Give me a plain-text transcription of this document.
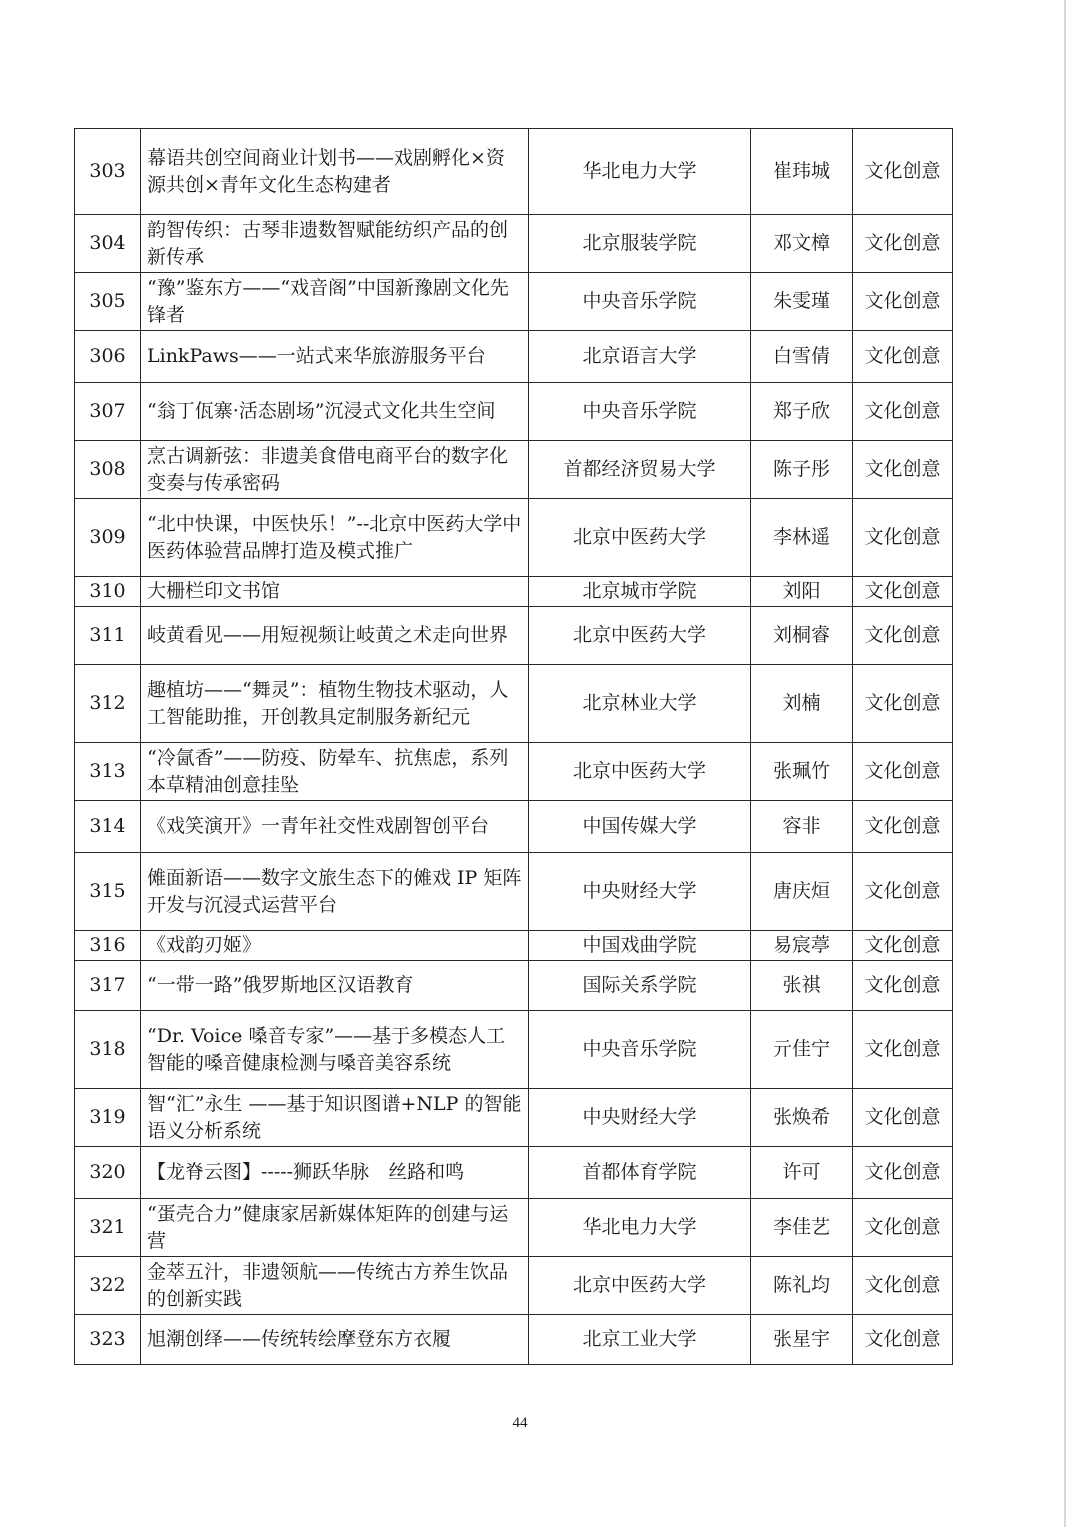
303	幕语共创空间商业计划书——戏剧孵化×资源共创×青年文化生态构建者	华北电力大学	崔玮城	文化创意
304	韵智传织：古琴非遗数智赋能纺织产品的创新传承	北京服装学院	邓文樟	文化创意
305	“豫”鉴东方——“戏音阁”中国新豫剧文化先锋者	中央音乐学院	朱雯瑾	文化创意
306	LinkPaws——一站式来华旅游服务平台	北京语言大学	白雪倩	文化创意
307	“翁丁佤寨·活态剧场”沉浸式文化共生空间	中央音乐学院	郑子欣	文化创意
308	烹古调新弦：非遗美食借电商平台的数字化变奏与传承密码	首都经济贸易大学	陈子彤	文化创意
309	“北中快课，中医快乐！”--北京中医药大学中医药体验营品牌打造及模式推广	北京中医药大学	李林遥	文化创意
310	大栅栏印文书馆	北京城市学院	刘阳	文化创意
311	岐黄看见——用短视频让岐黄之术走向世界	北京中医药大学	刘桐睿	文化创意
312	趣植坊——“舞灵”：植物生物技术驱动，人工智能助推，开创教具定制服务新纪元	北京林业大学	刘楠	文化创意
313	“冷氤香”——防疫、防晕车、抗焦虑，系列本草精油创意挂坠	北京中医药大学	张珮竹	文化创意
314	《戏笑演开》一青年社交性戏剧智创平台	中国传媒大学	容非	文化创意
315	傩面新语——数字文旅生态下的傩戏 IP 矩阵开发与沉浸式运营平台	中央财经大学	唐庆烜	文化创意
316	《戏韵刃姬》	中国戏曲学院	易宸葶	文化创意
317	“一带一路”俄罗斯地区汉语教育	国际关系学院	张祺	文化创意
318	“Dr. Voice 嗓音专家”——基于多模态人工智能的嗓音健康检测与嗓音美容系统	中央音乐学院	亓佳宁	文化创意
319	智“汇”永生 ——基于知识图谱+NLP 的智能语义分析系统	中央财经大学	张焕希	文化创意
320	【龙脊云图】-----狮跃华脉　丝路和鸣	首都体育学院	许可	文化创意
321	“蛋壳合力”健康家居新媒体矩阵的创建与运营	华北电力大学	李佳艺	文化创意
322	金萃五汁，非遗领航——传统古方养生饮品的创新实践	北京中医药大学	陈礼均	文化创意
323	旭潮创绎——传统转绘摩登东方衣履	北京工业大学	张星宇	文化创意
44
